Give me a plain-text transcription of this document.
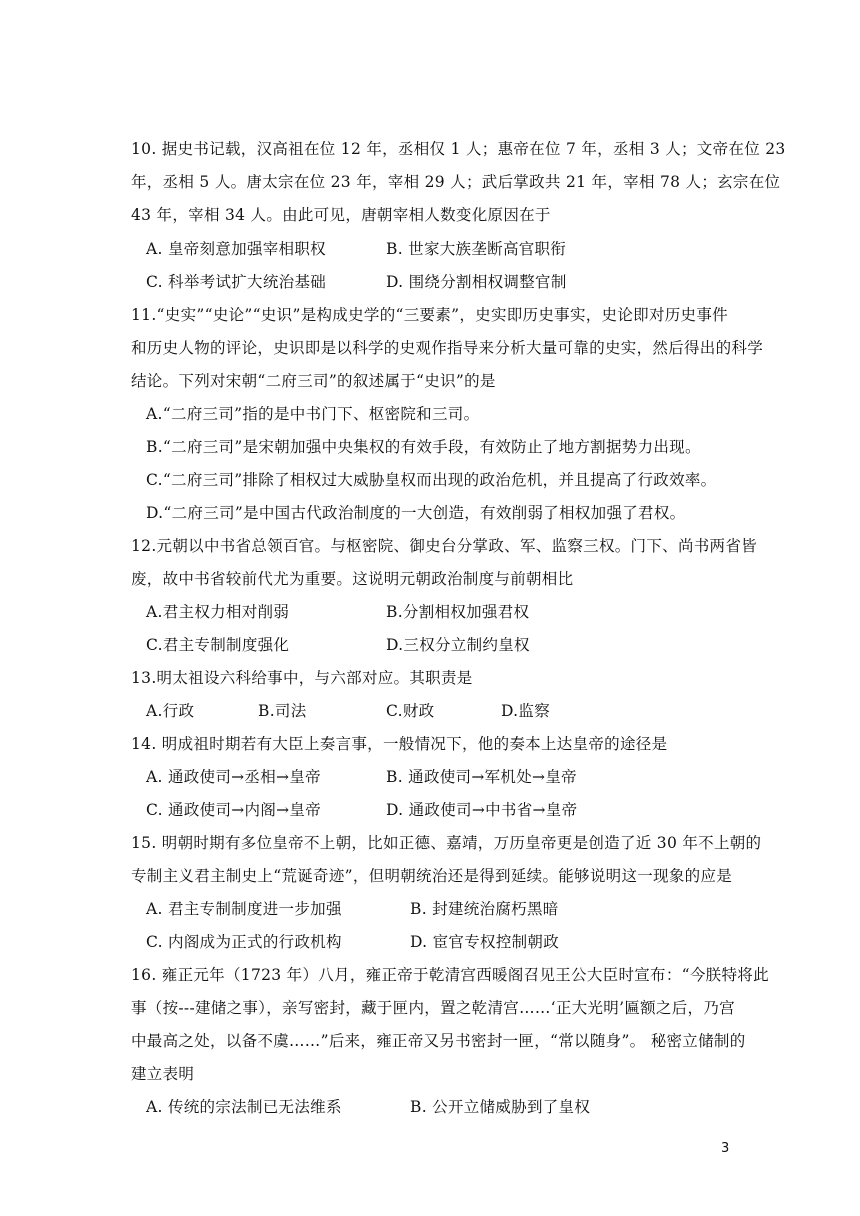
10. 据史书记载，汉高祖在位 12 年，丞相仅 1 人；惠帝在位 7 年，丞相 3 人；文帝在位 23
年，丞相 5 人。唐太宗在位 23 年，宰相 29 人；武后掌政共 21 年，宰相 78 人；玄宗在位
43 年，宰相 34 人。由此可见，唐朝宰相人数变化原因在于
A. 皇帝刻意加强宰相职权	B. 世家大族垄断高官职衔
C. 科举考试扩大统治基础	D. 围绕分割相权调整官制
11.“史实”“史论”“史识”是构成史学的“三要素”，史实即历史事实，史论即对历史事件
和历史人物的评论，史识即是以科学的史观作指导来分析大量可靠的史实，然后得出的科学
结论。下列对宋朝“二府三司”的叙述属于“史识”的是
A.“二府三司”指的是中书门下、枢密院和三司。
B.“二府三司”是宋朝加强中央集权的有效手段，有效防止了地方割据势力出现。
C.“二府三司”排除了相权过大威胁皇权而出现的政治危机，并且提高了行政效率。
D.“二府三司”是中国古代政治制度的一大创造，有效削弱了相权加强了君权。
12.元朝以中书省总领百官。与枢密院、御史台分掌政、军、监察三权。门下、尚书两省皆
废，故中书省较前代尤为重要。这说明元朝政治制度与前朝相比
A.君主权力相对削弱	B.分割相权加强君权
C.君主专制制度强化	D.三权分立制约皇权
13.明太祖设六科给事中，与六部对应。其职责是
A.行政	B.司法	C.财政	D.监察
14. 明成祖时期若有大臣上奏言事，一般情况下，他的奏本上达皇帝的途径是
A. 通政使司→丞相→皇帝	B. 通政使司→军机处→皇帝
C. 通政使司→内阁→皇帝	D. 通政使司→中书省→皇帝
15. 明朝时期有多位皇帝不上朝，比如正德、嘉靖，万历皇帝更是创造了近 30 年不上朝的
专制主义君主制史上“荒诞奇迹”，但明朝统治还是得到延续。能够说明这一现象的应是
A. 君主专制制度进一步加强	B. 封建统治腐朽黑暗
C. 内阁成为正式的行政机构	D. 宦官专权控制朝政
16. 雍正元年（1723 年）八月，雍正帝于乾清宫西暖阁召见王公大臣时宣布：“今朕特将此
事（按---建储之事），亲写密封，藏于匣内，置之乾清宫……‘正大光明’匾额之后，乃宫
中最高之处，以备不虞……”后来，雍正帝又另书密封一匣，“常以随身”。 秘密立储制的
建立表明
A. 传统的宗法制已无法维系	B. 公开立储威胁到了皇权
3
